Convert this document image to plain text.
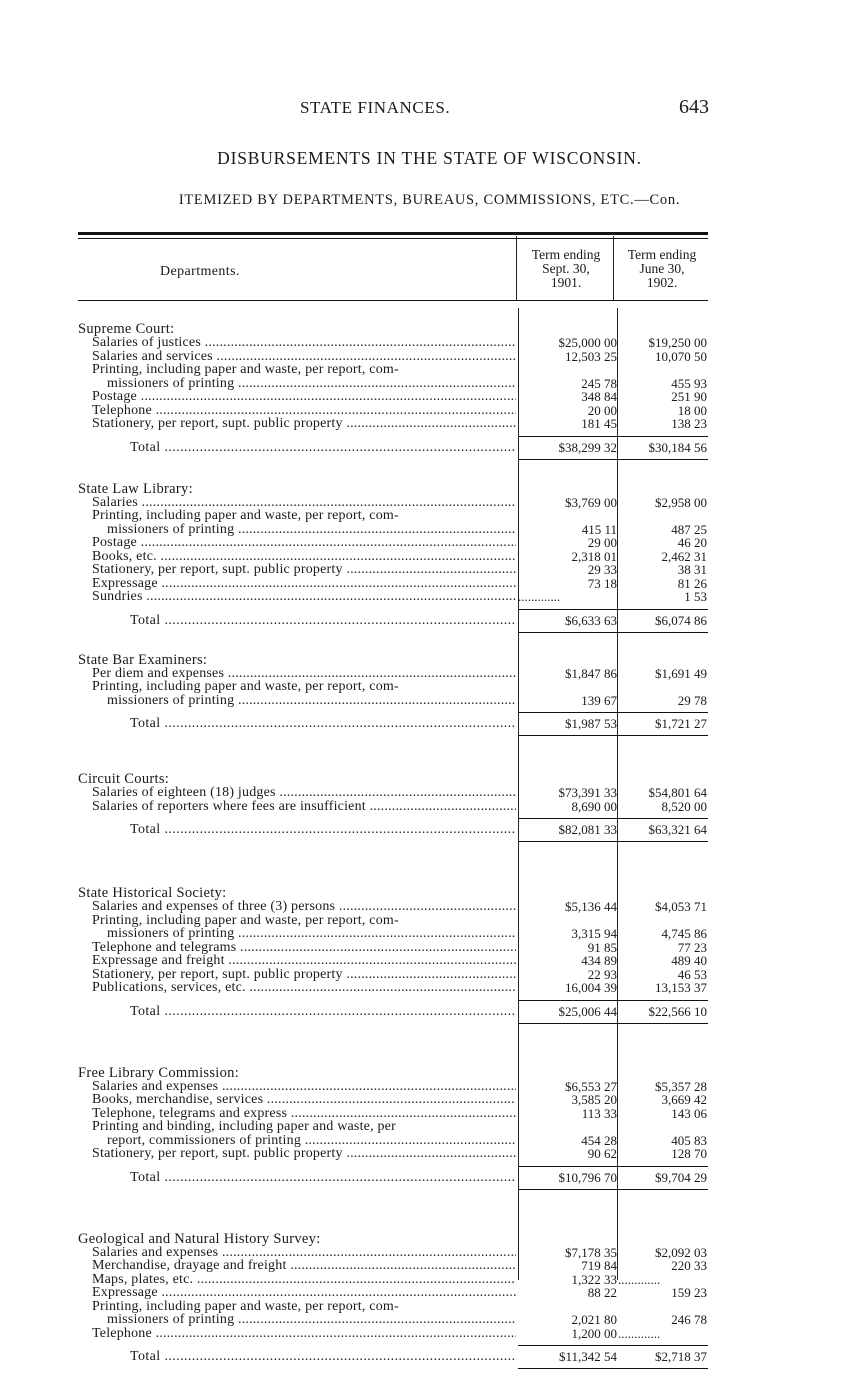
STATE FINANCES.	643
DISBURSEMENTS IN THE STATE OF WISCONSIN.
ITEMIZED BY DEPARTMENTS, BUREAUS, COMMISSIONS, ETC.—Con.
Departments.
Term ending
Sept. 30,
1901.
Term ending
June 30,
1902.
Supreme Court:
Salaries of justices .....	$25,000 00	$19,250 00
Salaries and services .....	12,503 25	10,070 50
Printing, including paper and waste, per report, com-
missioners of printing .....	245 78	455 93
Postage .....	348 84	251 90
Telephone .....	20 00	18 00
Stationery, per report, supt. public property .....	181 45	138 23
Total .....	$38,299 32	$30,184 56
State Law Library:
Salaries .....	$3,769 00	$2,958 00
Printing, including paper and waste, per report, com-
missioners of printing .....	415 11	487 25
Postage .....	29 00	46 20
Books, etc. .....	2,318 01	2,462 31
Stationery, per report, supt. public property .....	29 33	38 31
Expressage .....	73 18	81 26
Sundries .....	.............	1 53
Total .....	$6,633 63	$6,074 86
State Bar Examiners:
Per diem and expenses .....	$1,847 86	$1,691 49
Printing, including paper and waste, per report, com-
missioners of printing .....	139 67	29 78
Total .....	$1,987 53	$1,721 27
Circuit Courts:
Salaries of eighteen (18) judges .....	$73,391 33	$54,801 64
Salaries of reporters where fees are insufficient .....	8,690 00	8,520 00
Total .....	$82,081 33	$63,321 64
State Historical Society:
Salaries and expenses of three (3) persons .....	$5,136 44	$4,053 71
Printing, including paper and waste, per report, com-
missioners of printing .....	3,315 94	4,745 86
Telephone and telegrams .....	91 85	77 23
Expressage and freight .....	434 89	489 40
Stationery, per report, supt. public property .....	22 93	46 53
Publications, services, etc. .....	16,004 39	13,153 37
Total .....	$25,006 44	$22,566 10
Free Library Commission:
Salaries and expenses .....	$6,553 27	$5,357 28
Books, merchandise, services .....	3,585 20	3,669 42
Telephone, telegrams and express .....	113 33	143 06
Printing and binding, including paper and waste, per
report, commissioners of printing .....	454 28	405 83
Stationery, per report, supt. public property .....	90 62	128 70
Total .....	$10,796 70	$9,704 29
Geological and Natural History Survey:
Salaries and expenses .....	$7,178 35	$2,092 03
Merchandise, drayage and freight .....	719 84	220 33
Maps, plates, etc. .....	1,322 33 .............
Expressage .....	88 22	159 23
Printing, including paper and waste, per report, com-
missioners of printing .....	2,021 80	246 78
Telephone .....	1,200 00 .............
Total .....	$11,342 54	$2,718 37
